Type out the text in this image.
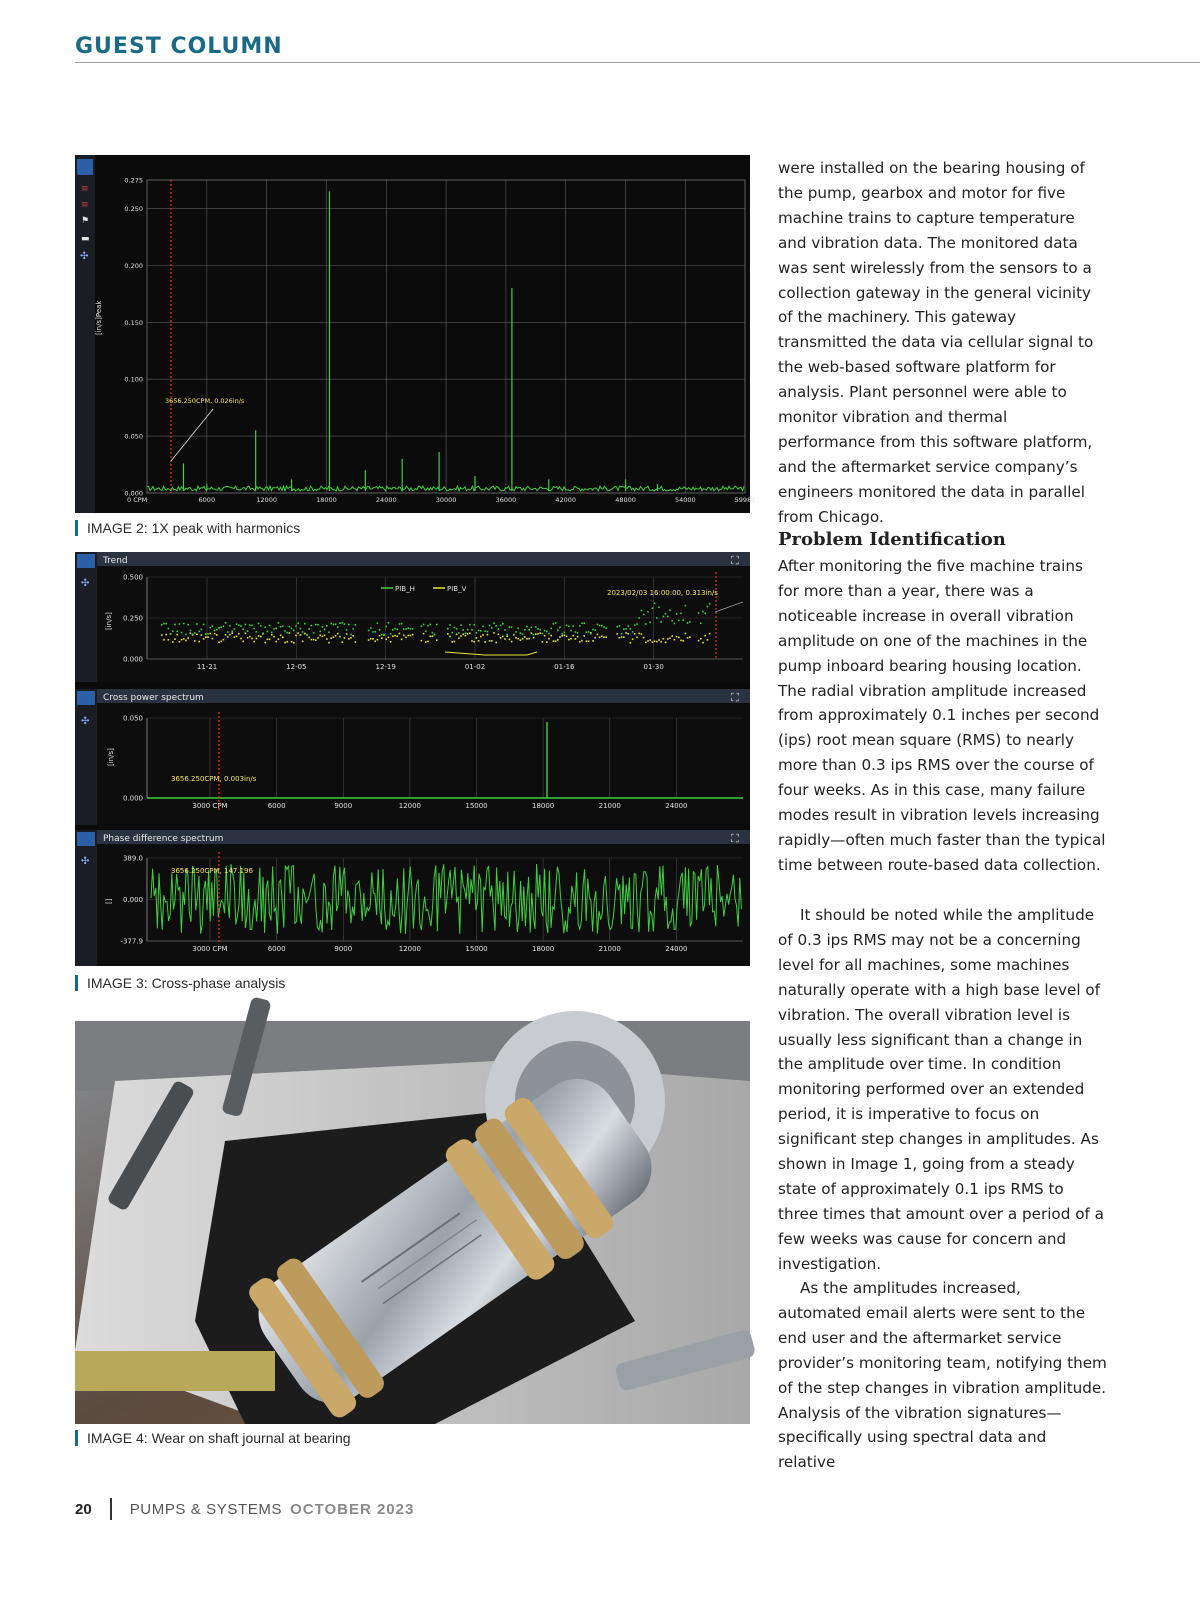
GUEST COLUMN
≡
≡
⚑
▬
✣
0.000
0.050
0.100
0.150
0.200
0.250
0.275
0 CPM	6000	12000	18000	24000	30000	36000	42000	48000	54000	59981
[in/s]Peak
3656.250CPM, 0.026in/s
IMAGE 2: 1X peak with harmonics
✣
Trend	⛶
[in/s]
0.500
0.250
0.000
11-21	12-05	12-19	01-02	01-16	01-30
PIB_H	PIB_V	2023/02/03 16:00:00, 0.313in/s
✣
Cross power spectrum	⛶
[in/s]
0.050
0.000
3000 CPM	6000	9000	12000	15000	18000	21000	24000
3656.250CPM, 0.003in/s
✣
Phase difference spectrum	⛶
[]
389.0
0.000
-377.9
3000 CPM	6000	9000	12000	15000	18000	21000	24000
3656.250CPM, 147.196
IMAGE 3: Cross-phase analysis
IMAGE 4: Wear on shaft journal at bearing

were installed on the bearing housing of the pump, gearbox and motor for five machine trains to capture temperature and vibration data. The monitored data was sent wirelessly from the sensors to a collection gateway in the general vicinity of the machinery. This gateway transmitted the data via cellular signal to the web-based software platform for analysis. Plant personnel were able to monitor vibration and thermal performance from this software platform, and the aftermarket service company’s engineers monitored the data in parallel from Chicago.

Problem Identification

After monitoring the five machine trains for more than a year, there was a noticeable increase in overall vibration amplitude on one of the machines in the pump inboard bearing housing location. The radial vibration amplitude increased from approximately 0.1 inches per second (ips) root mean square (RMS) to nearly more than 0.3 ips RMS over the course of four weeks. As in this case, many failure modes result in vibration levels increasing rapidly—often much faster than the typical time between route-based data collection.

It should be noted while the amplitude of 0.3 ips RMS may not be a concerning level for all machines, some machines naturally operate with a high base level of vibration. The overall vibration level is usually less significant than a change in the amplitude over time. In condition monitoring performed over an extended period, it is imperative to focus on significant step changes in amplitudes. As shown in Image 1, going from a steady state of approximately 0.1 ips RMS to three times that amount over a period of a few weeks was cause for concern and investigation.

As the amplitudes increased, automated email alerts were sent to the end user and the aftermarket service provider’s monitoring team, notifying them of the step changes in vibration amplitude. Analysis of the vibration signatures—specifically using spectral data and relative

20	PUMPS & SYSTEMS OCTOBER 2023
